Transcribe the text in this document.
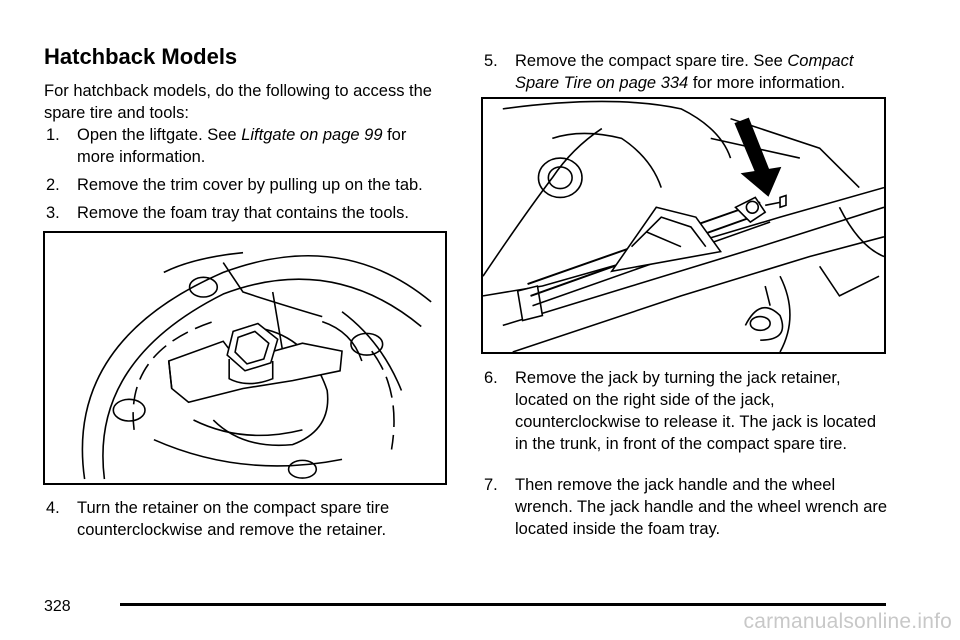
Hatchback Models

For hatchback models, do the following to access the spare tire and tools:

1. Open the liftgate. See Liftgate on page 99 for more information.
2. Remove the trim cover by pulling up on the tab.
3. Remove the foam tray that contains the tools.
4. Turn the retainer on the compact spare tire counterclockwise and remove the retainer.
5. Remove the compact spare tire. See Compact Spare Tire on page 334 for more information.
6. Remove the jack by turning the jack retainer, located on the right side of the jack, counterclockwise to release it. The jack is located in the trunk, in front of the compact spare tire.
7. Then remove the jack handle and the wheel wrench. The jack handle and the wheel wrench are located inside the foam tray.
328
carmanualsonline.info
